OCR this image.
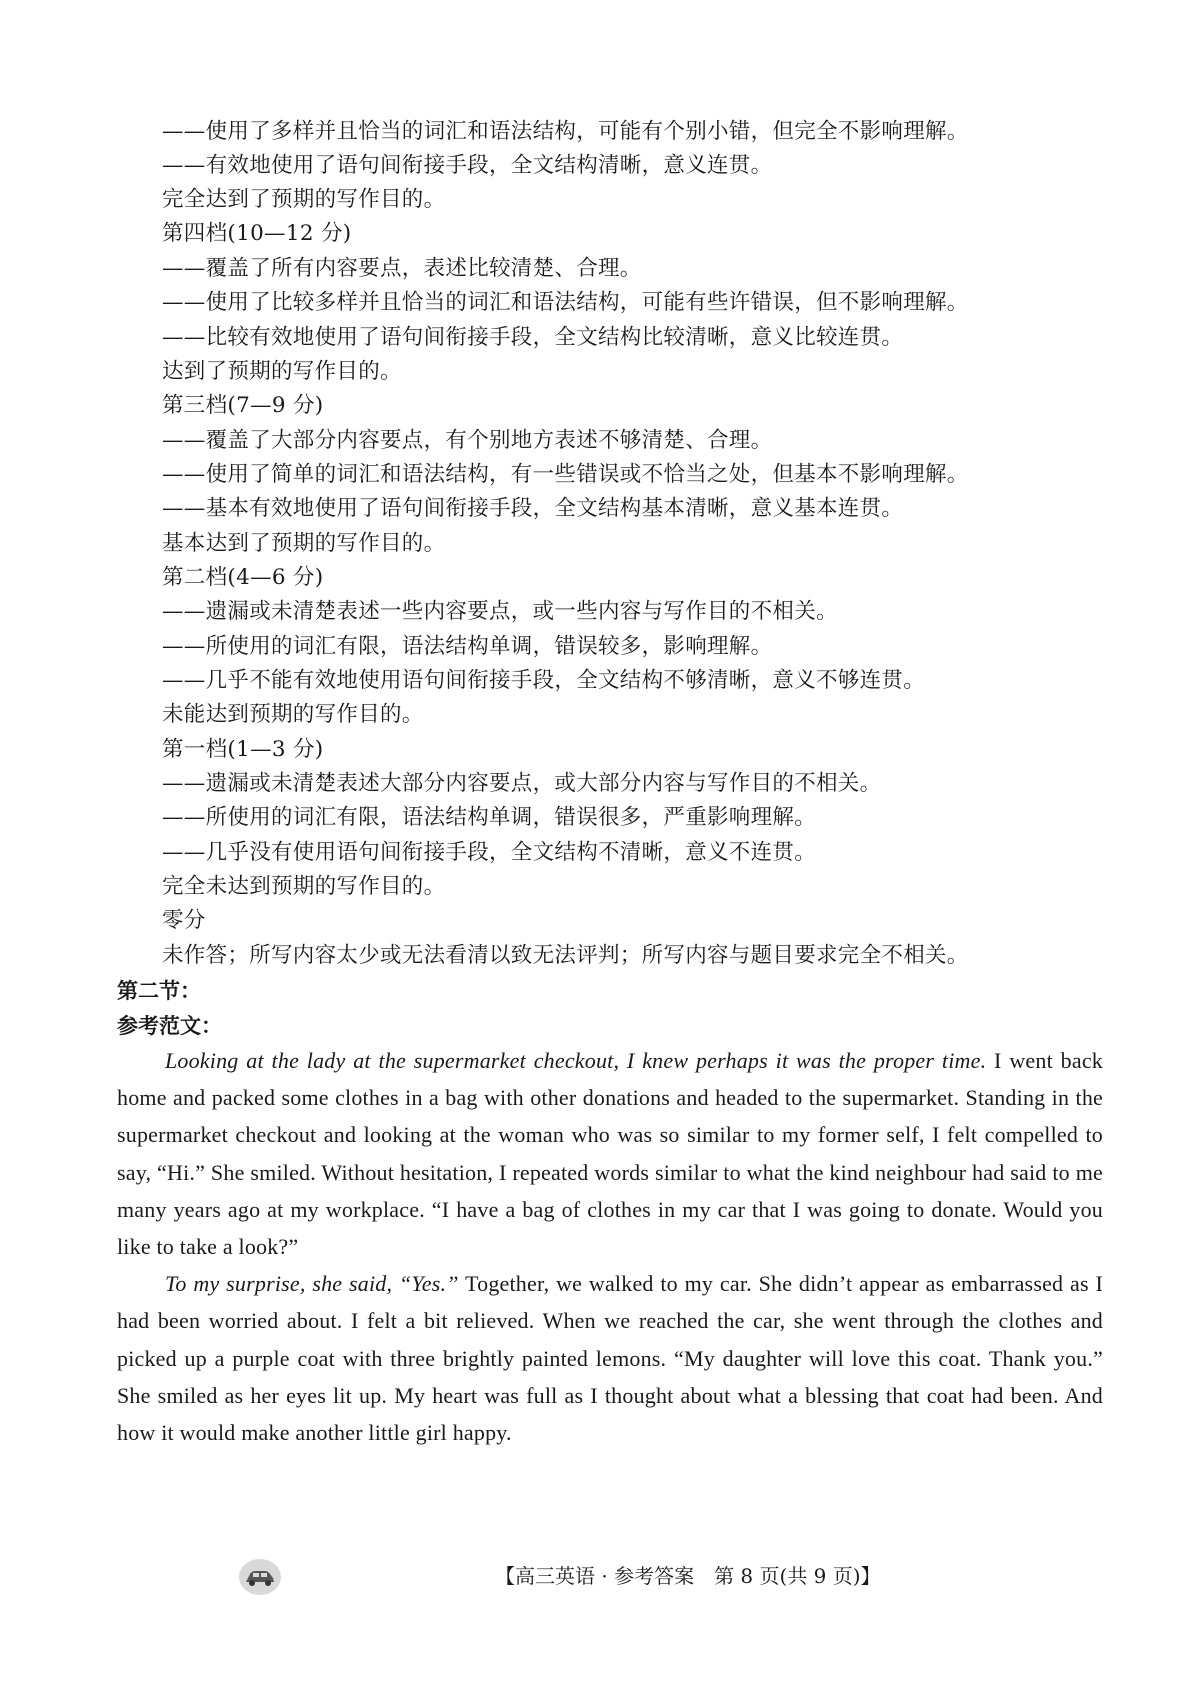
——使用了多样并且恰当的词汇和语法结构，可能有个别小错，但完全不影响理解。
——有效地使用了语句间衔接手段，全文结构清晰，意义连贯。
完全达到了预期的写作目的。
第四档(10—12 分)
——覆盖了所有内容要点，表述比较清楚、合理。
——使用了比较多样并且恰当的词汇和语法结构，可能有些许错误，但不影响理解。
——比较有效地使用了语句间衔接手段，全文结构比较清晰，意义比较连贯。
达到了预期的写作目的。
第三档(7—9 分)
——覆盖了大部分内容要点，有个别地方表述不够清楚、合理。
——使用了简单的词汇和语法结构，有一些错误或不恰当之处，但基本不影响理解。
——基本有效地使用了语句间衔接手段，全文结构基本清晰，意义基本连贯。
基本达到了预期的写作目的。
第二档(4—6 分)
——遗漏或未清楚表述一些内容要点，或一些内容与写作目的不相关。
——所使用的词汇有限，语法结构单调，错误较多，影响理解。
——几乎不能有效地使用语句间衔接手段，全文结构不够清晰，意义不够连贯。
未能达到预期的写作目的。
第一档(1—3 分)
——遗漏或未清楚表述大部分内容要点，或大部分内容与写作目的不相关。
——所使用的词汇有限，语法结构单调，错误很多，严重影响理解。
——几乎没有使用语句间衔接手段，全文结构不清晰，意义不连贯。
完全未达到预期的写作目的。
零分
未作答；所写内容太少或无法看清以致无法评判；所写内容与题目要求完全不相关。
第二节：
参考范文：

Looking at the lady at the supermarket checkout, I knew perhaps it was the proper time. I went back home and packed some clothes in a bag with other donations and headed to the supermarket. Standing in the supermarket checkout and looking at the woman who was so similar to my former self, I felt compelled to say, “Hi.” She smiled. Without hesitation, I repeated words similar to what the kind neighbour had said to me many years ago at my workplace. “I have a bag of clothes in my car that I was going to donate. Would you like to take a look?”

To my surprise, she said, “Yes.” Together, we walked to my car. She didn’t appear as embarrassed as I had been worried about. I felt a bit relieved. When we reached the car, she went through the clothes and picked up a purple coat with three brightly painted lemons. “My daughter will love this coat. Thank you.” She smiled as her eyes lit up. My heart was full as I thought about what a blessing that coat had been. And how it would make another little girl happy.

【高三英语 · 参考答案　第 8 页(共 9 页)】
